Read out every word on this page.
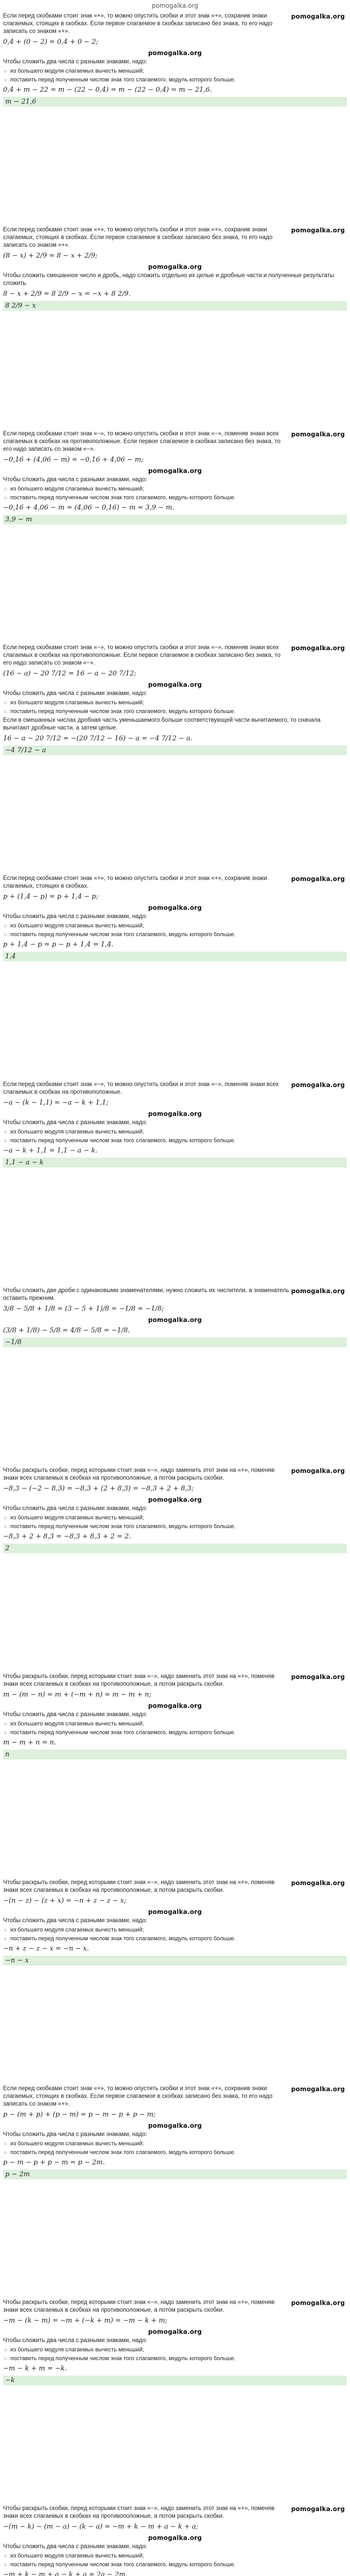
pomogalka.org
pomogalka.org
Если перед скобками стоит знак «+», то можно опустить скобки и этот знак «+», сохранив знаки слагаемых, стоящих в скобках. Если первое слагаемое в скобках записано без знака, то его надо записать со знаком «+».
0,4 + (0 − 2) = 0,4 + 0 − 2;
pomogalka.org
Чтобы сложить два числа с разными знаками, надо:
○ из большего модуля слагаемых вычесть меньший;
○ поставить перед полученным числом знак того слагаемого, модуль которого больше.
0,4 + m − 22 = m − (22 − 0,4) = m − (22 − 0,4) = m − 21,6.
m − 21,6
pomogalka.org
Если перед скобками стоит знак «+», то можно опустить скобки и этот знак «+», сохранив знаки слагаемых, стоящих в скобках. Если первое слагаемое в скобках записано без знака, то его надо записать со знаком «+».
(8 − x) + 2/9 = 8 − x + 2/9;
pomogalka.org
Чтобы сложить смешанное число и дробь, надо сложить отдельно их целые и дробные части и полученные результаты сложить.
8 − x + 2/9 = 8 2/9 − x = −x + 8 2/9.
8 2/9 − x
pomogalka.org
Если перед скобками стоит знак «−», то можно опустить скобки и этот знак «−», поменяв знаки всех слагаемых в скобках на противоположные. Если первое слагаемое в скобках записано без знака, то его надо записать со знаком «−».
−0,16 + (4,06 − m) = −0,16 + 4,06 − m;
pomogalka.org
Чтобы сложить два числа с разными знаками, надо:
○ из большего модуля слагаемых вычесть меньший;
○ поставить перед полученным числом знак того слагаемого, модуль которого больше.
−0,16 + 4,06 − m = (4,06 − 0,16) − m = 3,9 − m.
3,9 − m
pomogalka.org
Если перед скобками стоит знак «−», то можно опустить скобки и этот знак «−», поменяв знаки всех слагаемых в скобках на противоположные. Если первое слагаемое в скобках записано без знака, то его надо записать со знаком «−».
(16 − a) − 20 7/12 = 16 − a − 20 7/12;
pomogalka.org
Чтобы сложить два числа с разными знаками, надо:
○ из большего модуля слагаемых вычесть меньший;
○ поставить перед полученным числом знак того слагаемого, модуль которого больше.
Если в смешанных числах дробная часть уменьшаемого больше соответствующей части вычитаемого, то сначала вычитают дробные части, а затем целые.
16 − a − 20 7/12 = −(20 7/12 − 16) − a = −4 7/12 − a.
−4 7/12 − a
pomogalka.org
Если перед скобками стоит знак «+», то можно опустить скобки и этот знак «+», сохранив знаки слагаемых, стоящих в скобках.
p + (1,4 − p) = p + 1,4 − p;
pomogalka.org
Чтобы сложить два числа с разными знаками, надо:
○ из большего модуля слагаемых вычесть меньший;
○ поставить перед полученным числом знак того слагаемого, модуль которого больше.
p + 1,4 − p = p − p + 1,4 = 1,4.
1,4
pomogalka.org
Если перед скобками стоит знак «−», то можно опустить скобки и этот знак «−», поменяв знаки всех слагаемых в скобках на противоположные.
−a − (k − 1,1) = −a − k + 1,1;
pomogalka.org
Чтобы сложить два числа с разными знаками, надо:
○ из большего модуля слагаемых вычесть меньший;
○ поставить перед полученным числом знак того слагаемого, модуль которого больше.
−a − k + 1,1 = 1,1 − a − k.
1,1 − a − k
pomogalka.org
Чтобы сложить две дроби с одинаковыми знаменателями, нужно сложить их числители, а знаменатель оставить прежним.
3/8 − 5/8 + 1/8 = (3 − 5 + 1)/8 = −1/8 = −1/8;
pomogalka.org
(3/8 + 1/8) − 5/8 = 4/8 − 5/8 = −1/8.
−1/8
pomogalka.org
Чтобы раскрыть скобки, перед которыми стоит знак «−», надо заменить этот знак на «+», поменяв знаки всех слагаемых в скобках на противоположные, а потом раскрыть скобки.
−8,3 − (−2 − 8,3) = −8,3 + (2 + 8,3) = −8,3 + 2 + 8,3;
pomogalka.org
Чтобы сложить два числа с разными знаками, надо:
○ из большего модуля слагаемых вычесть меньший;
○ поставить перед полученным числом знак того слагаемого, модуль которого больше.
−8,3 + 2 + 8,3 = −8,3 + 8,3 + 2 = 2.
2
pomogalka.org
Чтобы раскрыть скобки, перед которыми стоит знак «−», надо заменить этот знак на «+», поменяв знаки всех слагаемых в скобках на противоположные, а потом раскрыть скобки.
m − (m − n) = m + (−m + n) = m − m + n;
pomogalka.org
Чтобы сложить два числа с разными знаками, надо:
○ из большего модуля слагаемых вычесть меньший;
○ поставить перед полученным числом знак того слагаемого, модуль которого больше.
m − m + n = n.
n
pomogalka.org
Чтобы раскрыть скобки, перед которыми стоит знак «−», надо заменить этот знак на «+», поменяв знаки всех слагаемых в скобках на противоположные, а потом раскрыть скобки.
−(n − z) − (z + x) = −n + z − z − x;
pomogalka.org
Чтобы сложить два числа с разными знаками, надо:
○ из большего модуля слагаемых вычесть меньший;
○ поставить перед полученным числом знак того слагаемого, модуль которого больше.
−n + z − z − x = −n − x.
−n − x
pomogalka.org
Если перед скобками стоит знак «+», то можно опустить скобки и этот знак «+», сохранив знаки слагаемых, стоящих в скобках. Если первое слагаемое в скобках записано без знака, то его надо записать со знаком «+».
p − (m + p) + (p − m) = p − m − p + p − m;
pomogalka.org
Чтобы сложить два числа с разными знаками, надо:
○ из большего модуля слагаемых вычесть меньший;
○ поставить перед полученным числом знак того слагаемого, модуль которого больше.
p − m − p + p − m = p − 2m.
p − 2m
pomogalka.org
Чтобы раскрыть скобки, перед которыми стоит знак «−», надо заменить этот знак на «+», поменяв знаки всех слагаемых в скобках на противоположные, а потом раскрыть скобки.
−m − (k − m) = −m + (−k + m) = −m − k + m;
pomogalka.org
Чтобы сложить два числа с разными знаками, надо:
○ из большего модуля слагаемых вычесть меньший;
○ поставить перед полученным числом знак того слагаемого, модуль которого больше.
−m − k + m = −k.
−k
pomogalka.org
Чтобы раскрыть скобки, перед которыми стоит знак «−», надо заменить этот знак на «+», поменяв знаки всех слагаемых в скобках на противоположные, а потом раскрыть скобки.
−(m − k) − (m − a) − (k − a) = −m + k − m + a − k + a;
pomogalka.org
Чтобы сложить два числа с разными знаками, надо:
○ из большего модуля слагаемых вычесть меньший;
○ поставить перед полученным числом знак того слагаемого, модуль которого больше.
−m + k − m + a − k + a = 2a − 2m.
